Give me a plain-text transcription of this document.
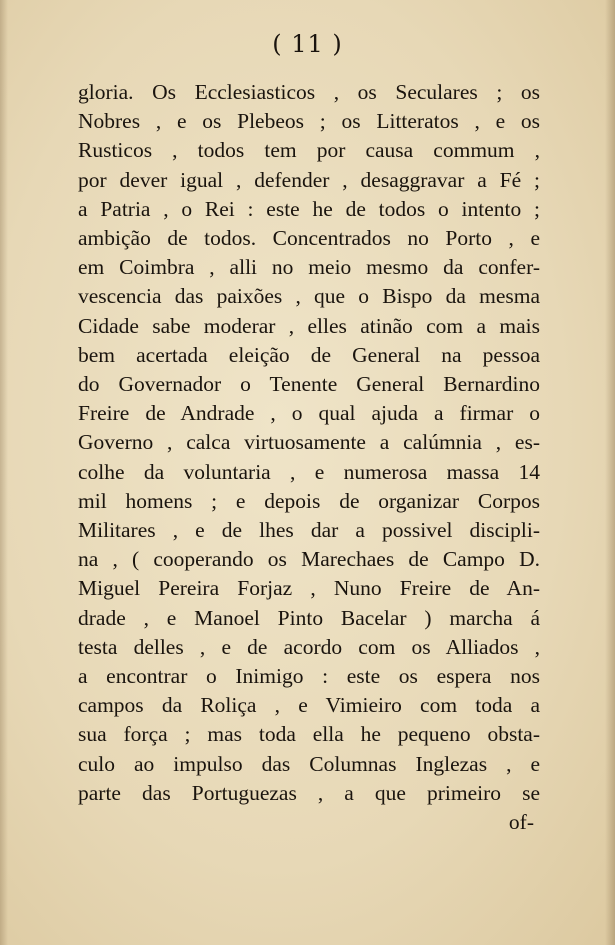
( 11 )
gloria. Os Ecclesiasticos , os Seculares ; os
Nobres , e os Plebeos ; os Litteratos , e os
Rusticos , todos tem por causa commum ,
por dever igual , defender , desaggravar a Fé ;
a Patria , o Rei : este he de todos o intento ;
ambição de todos. Concentrados no Porto , e
em Coimbra , alli no meio mesmo da confer-
vescencia das paixões , que o Bispo da mesma
Cidade sabe moderar , elles atinão com a mais
bem acertada eleição de General na pessoa
do Governador o Tenente General Bernardino
Freire de Andrade , o qual ajuda a firmar o
Governo , calca virtuosamente a calúmnia , es-
colhe da voluntaria , e numerosa massa 14
mil homens ; e depois de organizar Corpos
Militares , e de lhes dar a possivel discipli-
na , ( cooperando os Marechaes de Campo D.
Miguel Pereira Forjaz , Nuno Freire de An-
drade , e Manoel Pinto Bacelar ) marcha á
testa delles , e de acordo com os Alliados ,
a encontrar o Inimigo : este os espera nos
campos da Roliça , e Vimieiro com toda a
sua força ; mas toda ella he pequeno obsta-
culo ao impulso das Columnas Inglezas , e
parte das Portuguezas , a que primeiro se
of-
